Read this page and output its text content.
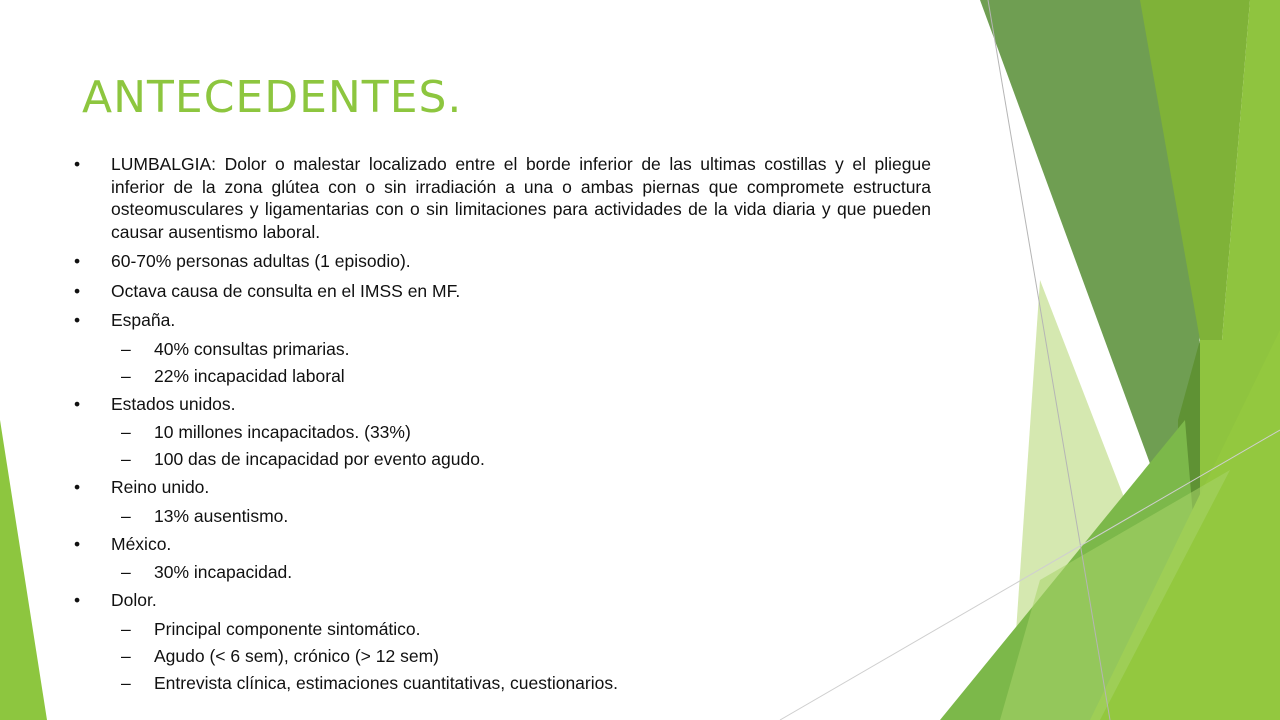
ANTECEDENTES.
• LUMBALGIA: Dolor o malestar localizado entre el borde inferior de las ultimas costillas y el pliegue inferior de la zona glútea con o sin irradiación a una o ambas piernas que compromete estructura osteomusculares y ligamentarias con o sin limitaciones para actividades de la vida diaria y que pueden causar ausentismo laboral.
• 60-70% personas adultas (1 episodio).
• Octava causa de consulta en el IMSS en MF.
• España.
– 40% consultas primarias.
– 22% incapacidad laboral
• Estados unidos.
– 10 millones incapacitados. (33%)
– 100 das de incapacidad por evento agudo.
• Reino unido.
– 13% ausentismo.
• México.
– 30% incapacidad.
• Dolor.
– Principal componente sintomático.
– Agudo (< 6 sem), crónico (> 12 sem)
– Entrevista clínica, estimaciones cuantitativas, cuestionarios.
